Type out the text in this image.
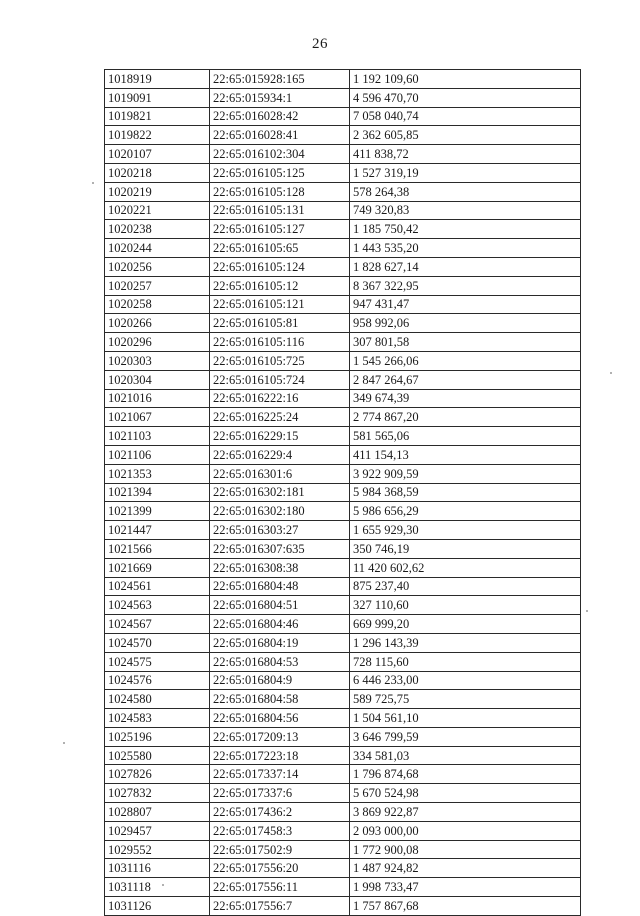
26
1018919	22:65:015928:165	1 192 109,60
1019091	22:65:015934:1	4 596 470,70
1019821	22:65:016028:42	7 058 040,74
1019822	22:65:016028:41	2 362 605,85
1020107	22:65:016102:304	411 838,72
1020218	22:65:016105:125	1 527 319,19
1020219	22:65:016105:128	578 264,38
1020221	22:65:016105:131	749 320,83
1020238	22:65:016105:127	1 185 750,42
1020244	22:65:016105:65	1 443 535,20
1020256	22:65:016105:124	1 828 627,14
1020257	22:65:016105:12	8 367 322,95
1020258	22:65:016105:121	947 431,47
1020266	22:65:016105:81	958 992,06
1020296	22:65:016105:116	307 801,58
1020303	22:65:016105:725	1 545 266,06
1020304	22:65:016105:724	2 847 264,67
1021016	22:65:016222:16	349 674,39
1021067	22:65:016225:24	2 774 867,20
1021103	22:65:016229:15	581 565,06
1021106	22:65:016229:4	411 154,13
1021353	22:65:016301:6	3 922 909,59
1021394	22:65:016302:181	5 984 368,59
1021399	22:65:016302:180	5 986 656,29
1021447	22:65:016303:27	1 655 929,30
1021566	22:65:016307:635	350 746,19
1021669	22:65:016308:38	11 420 602,62
1024561	22:65:016804:48	875 237,40
1024563	22:65:016804:51	327 110,60
1024567	22:65:016804:46	669 999,20
1024570	22:65:016804:19	1 296 143,39
1024575	22:65:016804:53	728 115,60
1024576	22:65:016804:9	6 446 233,00
1024580	22:65:016804:58	589 725,75
1024583	22:65:016804:56	1 504 561,10
1025196	22:65:017209:13	3 646 799,59
1025580	22:65:017223:18	334 581,03
1027826	22:65:017337:14	1 796 874,68
1027832	22:65:017337:6	5 670 524,98
1028807	22:65:017436:2	3 869 922,87
1029457	22:65:017458:3	2 093 000,00
1029552	22:65:017502:9	1 772 900,08
1031116	22:65:017556:20	1 487 924,82
1031118	22:65:017556:11	1 998 733,47
1031126	22:65:017556:7	1 757 867,68
